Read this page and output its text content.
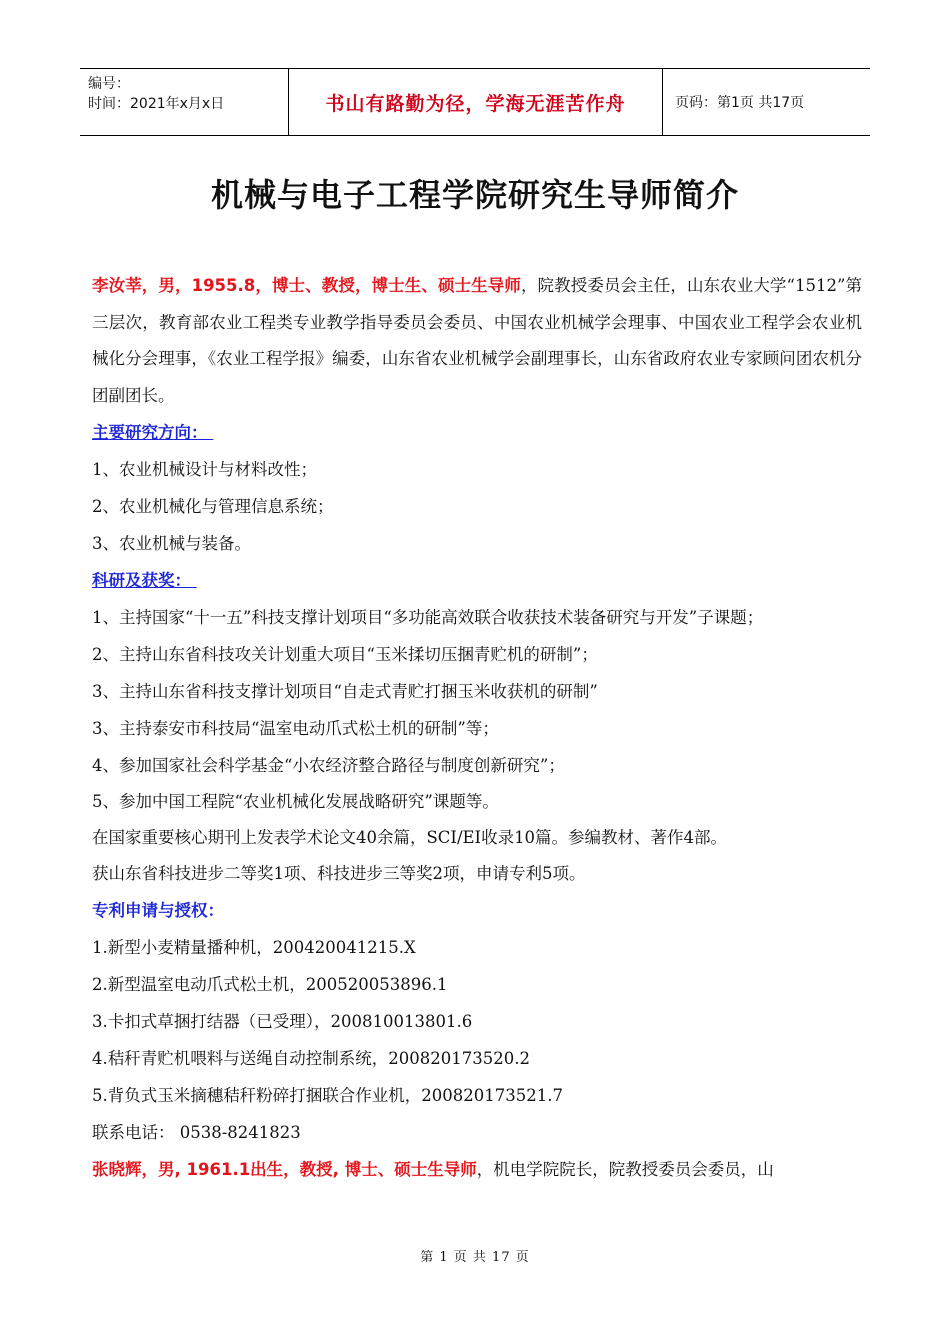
编号：
时间：2021年x月x日	书山有路勤为径，学海无涯苦作舟	页码：第1页 共17页
机械与电子工程学院研究生导师简介

李汝莘，男，1955.8，博士、教授，博士生、硕士生导师，院教授委员会主任，山东农业大学“1512”第三层次，教育部农业工程类专业教学指导委员会委员、中国农业机械学会理事、中国农业工程学会农业机械化分会理事，《农业工程学报》编委，山东省农业机械学会副理事长，山东省政府农业专家顾问团农机分团副团长。

主要研究方向：

1、农业机械设计与材料改性；

2、农业机械化与管理信息系统；

3、农业机械与装备。

科研及获奖：

1、主持国家“十一五”科技支撑计划项目“多功能高效联合收获技术装备研究与开发”子课题；

2、主持山东省科技攻关计划重大项目“玉米揉切压捆青贮机的研制”；

3、主持山东省科技支撑计划项目“自走式青贮打捆玉米收获机的研制”

3、主持泰安市科技局“温室电动爪式松土机的研制”等；

4、参加国家社会科学基金“小农经济整合路径与制度创新研究”；

5、参加中国工程院“农业机械化发展战略研究”课题等。

在国家重要核心期刊上发表学术论文40余篇，SCI/EI收录10篇。参编教材、著作4部。

获山东省科技进步二等奖1项、科技进步三等奖2项，申请专利5项。

专利申请与授权：

1.新型小麦精量播种机，200420041215.X

2.新型温室电动爪式松土机，200520053896.1

3.卡扣式草捆打结器（已受理），200810013801.6

4.秸秆青贮机喂料与送绳自动控制系统，200820173520.2

5.背负式玉米摘穗秸秆粉碎打捆联合作业机，200820173521.7

联系电话： 0538-8241823

张晓辉，男, 1961.1出生，教授, 博士、硕士生导师，机电学院院长，院教授委员会委员，山

第 1 页 共 17 页
